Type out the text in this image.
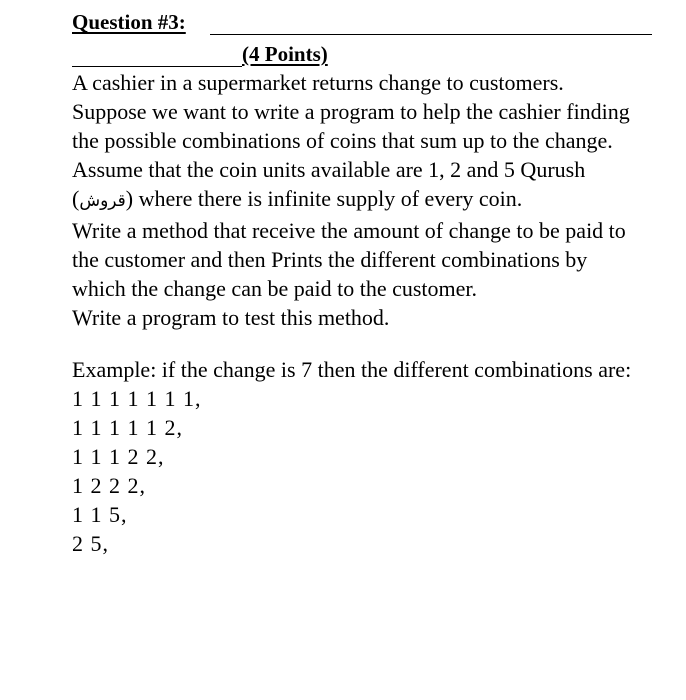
Question #3:
(4 Points)

A cashier in a supermarket returns change to customers. Suppose we want to write a program to help the cashier finding the possible combinations of coins that sum up to the change. Assume that the coin units available are 1, 2 and 5 Qurush (قروش) where there is infinite supply of every coin.

Write a method that receive the amount of change to be paid to the customer and then Prints the different combinations by which the change can be paid to the customer.

Write a program to test this method.

Example: if the change is 7 then the different combinations are:

1 1 1 1 1 1 1,

1 1 1 1 1 2,

1 1 1 2 2,

1 2 2 2,

1 1 5,

2 5,
